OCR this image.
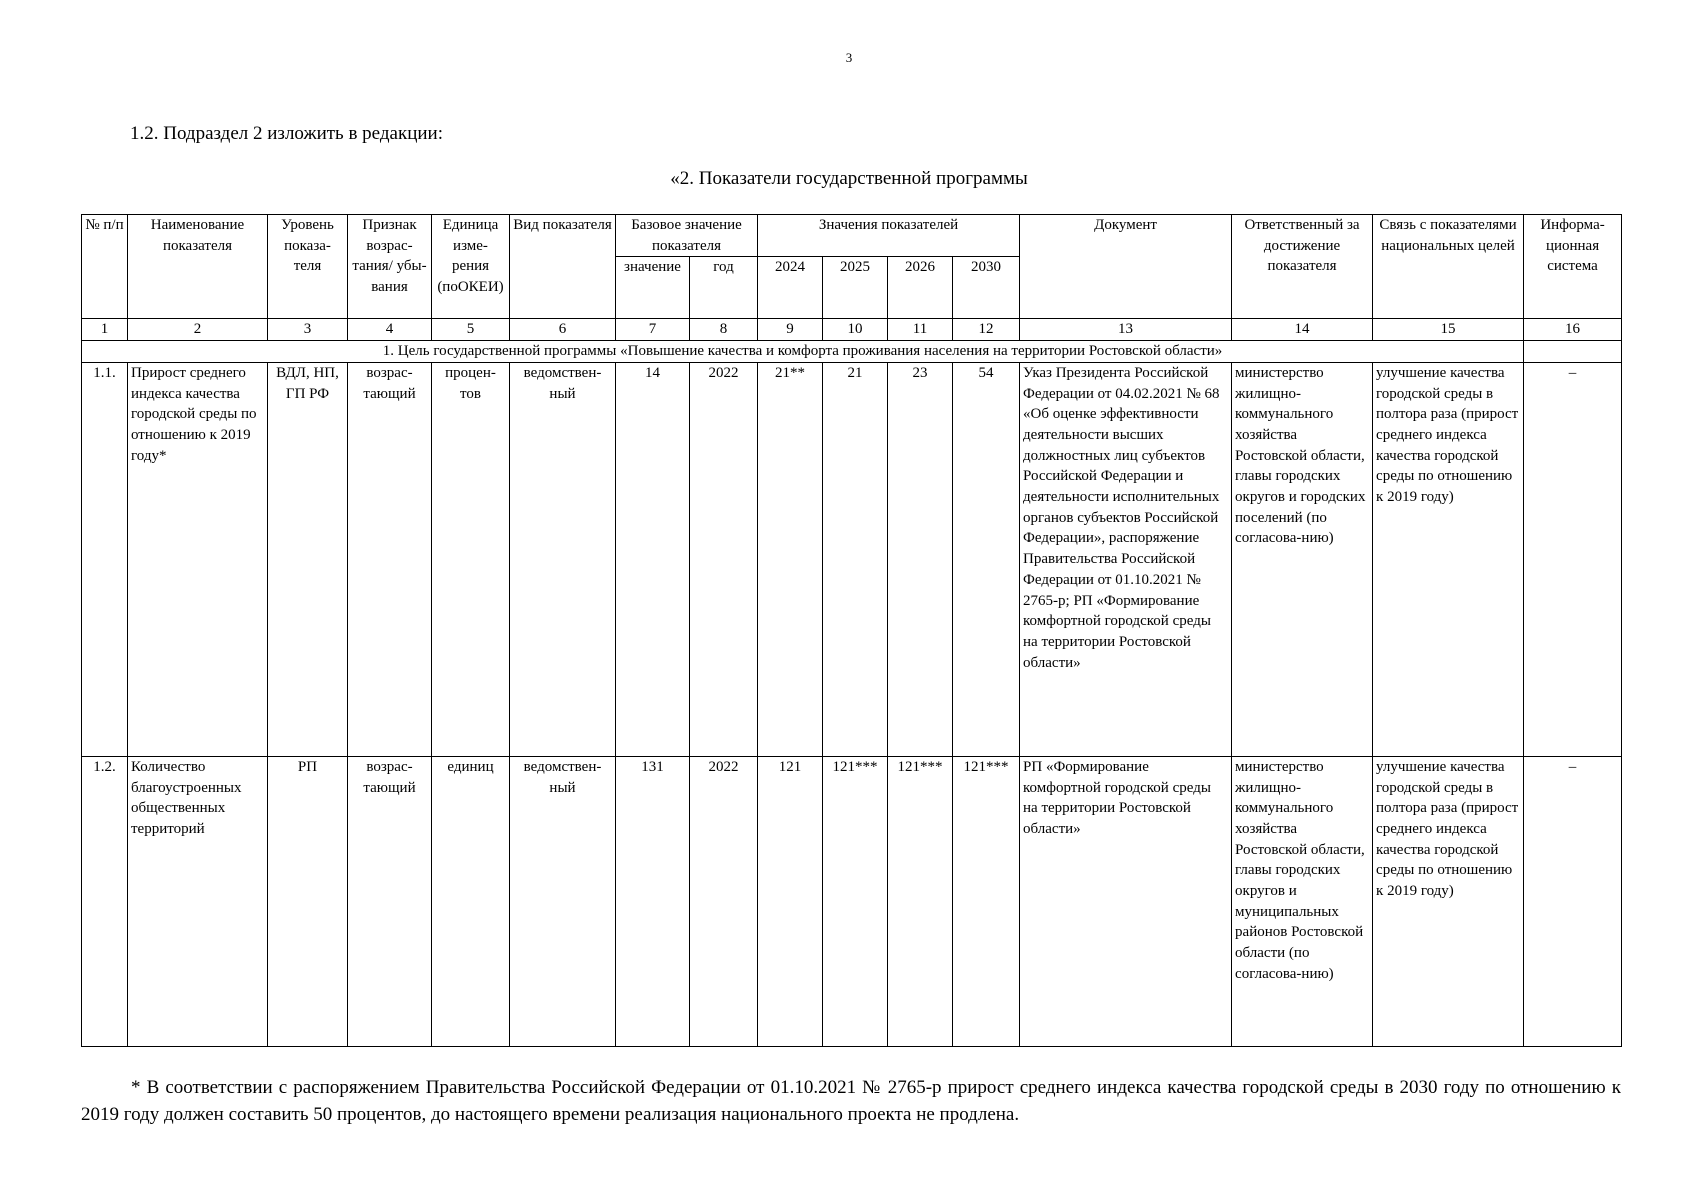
3
1.2. Подраздел 2 изложить в редакции:
«2. Показатели государственной программы
№ п/п	Наименование показателя	Уровень показа-теля	Признак возрас-тания/ убы-вания	Единица изме-рения (поОКЕИ)	Вид показателя	Базовое значение показателя		Значения показателей				Документ	Ответственный за достижение показателя	Связь с показателями национальных целей	Информа-ционная система
						значение	год	2024	2025	2026	2030				
1	2	3	4	5	6	7	8	9	10	11	12	13	14	15	16
1. Цель государственной программы «Повышение качества и комфорта проживания населения на территории Ростовской области»															
1.1.	Прирост среднего индекса качества городской среды по отношению к 2019 году*	ВДЛ, НП, ГП РФ	возрас-тающий	процен-тов	ведомствен-ный	14	2022	21**	21	23	54	Указ Президента Российской Федерации от 04.02.2021 № 68 «Об оценке эффективности деятельности высших должностных лиц субъектов Российской Федерации и деятельности исполнительных органов субъектов Российской Федерации», распоряжение Правительства Российской Федерации от 01.10.2021 № 2765-р; РП «Формирование комфортной городской среды на территории Ростовской области»	министерство жилищно-коммунального хозяйства Ростовской области, главы городских округов и городских поселений (по согласова-нию)	улучшение качества городской среды в полтора раза (прирост среднего индекса качества городской среды по отношению к 2019 году)	–
1.2.	Количество благоустроенных общественных территорий	РП	возрас-тающий	единиц	ведомствен-ный	131	2022	121	121***	121***	121***	РП «Формирование комфортной городской среды на территории Ростовской области»	министерство жилищно-коммунального хозяйства Ростовской области, главы городских округов и муниципальных районов Ростовской области (по согласова-нию)	улучшение качества городской среды в полтора раза (прирост среднего индекса качества городской среды по отношению к 2019 году)	–
* В соответствии с распоряжением Правительства Российской Федерации от 01.10.2021 № 2765-р прирост среднего индекса качества городской среды в 2030 году по отношению к 2019 году должен составить 50 процентов, до настоящего времени реализация национального проекта не продлена.
